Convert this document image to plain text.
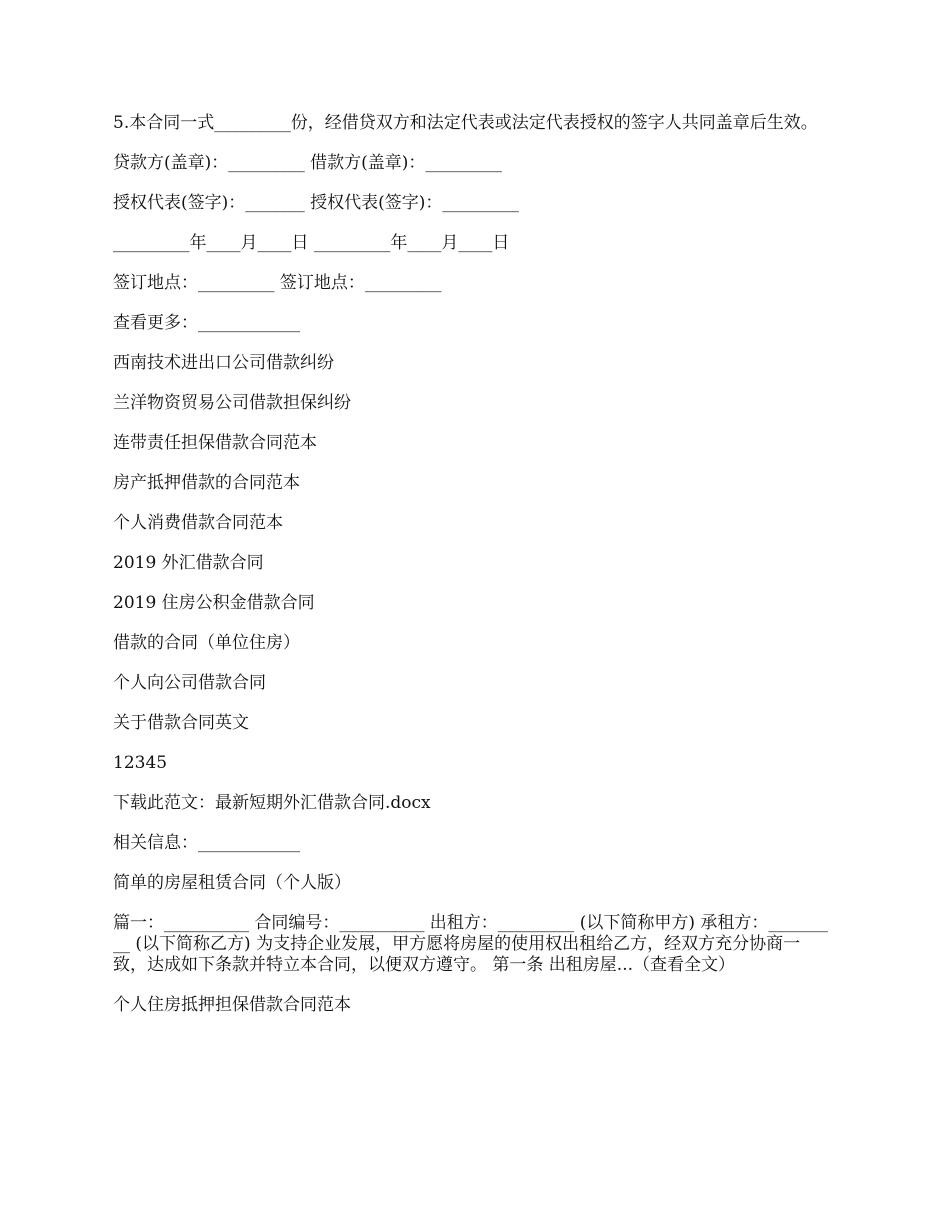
5.本合同一式_________份，经借贷双方和法定代表或法定代表授权的签字人共同盖章后生效。

贷款方(盖章)：_________ 借款方(盖章)：_________

授权代表(签字)：_______ 授权代表(签字)：_________

_________年____月____日 _________年____月____日

签订地点：_________ 签订地点：_________

查看更多：____________

西南技术进出口公司借款纠纷

兰洋物资贸易公司借款担保纠纷

连带责任担保借款合同范本

房产抵押借款的合同范本

个人消费借款合同范本

2019 外汇借款合同

2019 住房公积金借款合同

借款的合同（单位住房）

个人向公司借款合同

关于借款合同英文

12345

下载此范文：最新短期外汇借款合同.docx

相关信息：____________

简单的房屋租赁合同（个人版）

篇一：__________ 合同编号：__________ 出租方：_________ (以下简称甲方) 承租方：_________ (以下简称乙方) 为支持企业发展，甲方愿将房屋的使用权出租给乙方，经双方充分协商一致，达成如下条款并特立本合同，以便双方遵守。 第一条 出租房屋...（查看全文）

个人住房抵押担保借款合同范本
